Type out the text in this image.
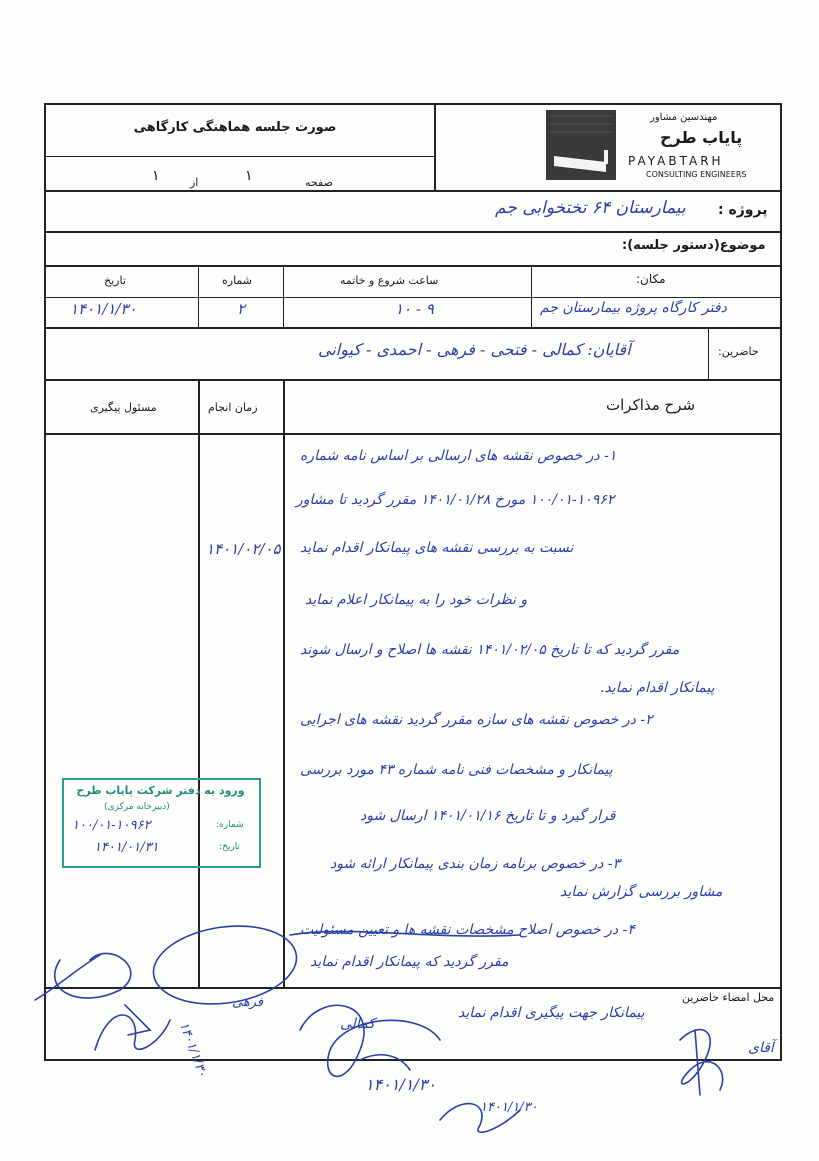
صورت جلسه هماهنگی کارگاهی
صفحه
۱
از
۱
مهندسین مشاور
پایاب طرح
PAYABTARH
CONSULTING ENGINEERS
پروژه :
بیمارستان ۶۴ تختخوابی جم
موضوع(دستور جلسه):
مکان:
ساعت شروع و خاتمه
شماره
تاریخ
دفتر کارگاه پروژه بیمارستان جم
۹ - ۱۰
۲
۱۴۰۱/۱/۳۰
حاضرین:
آقایان: کمالی - فتحی - فرهی - احمدی - کیوانی
شرح مذاکرات
زمان انجام
مسئول پیگیری
۱- در خصوص نقشه های ارسالی بر اساس نامه شماره
۱۰۰/۰۱-۱۰۹۶۲ مورخ ۱۴۰۱/۰۱/۲۸ مقرر گردید تا مشاور
نسبت به بررسی نقشه های پیمانکار اقدام نماید
و نظرات خود را به پیمانکار اعلام نماید
مقرر گردید که تا تاریخ ۱۴۰۱/۰۲/۰۵ نقشه ها اصلاح و ارسال شوند
پیمانکار اقدام نماید.
۲- در خصوص نقشه های سازه مقرر گردید نقشه های اجرایی
پیمانکار و مشخصات فنی نامه شماره ۴۳ مورد بررسی
قرار گیرد و تا تاریخ ۱۴۰۱/۰۱/۱۶ ارسال شود
۳- در خصوص برنامه زمان بندی پیمانکار ارائه شود
مشاور بررسی گزارش نماید
۴- در خصوص اصلاح مشخصات نقشه ها و تعیین مسئولیت
مقرر گردید که پیمانکار اقدام نماید
پیمانکار جهت پیگیری اقدام نماید
۱۴۰۱/۰۲/۰۵
ورود به دفتر شرکت پایاب طرح
(دبیرخانه مرکزی)
شماره:
۱۰۰/۰۱-۱۰۹۶۲
تاریخ:
۱۴۰۱/۰۱/۳۱
محل امضاء حاضرین
فرهی
۱۴۰۱/۱/۳۰
۱۴۰۱/۱/۳۰
۱۴۰۱/۱/۳۰
کمالی
آقای
